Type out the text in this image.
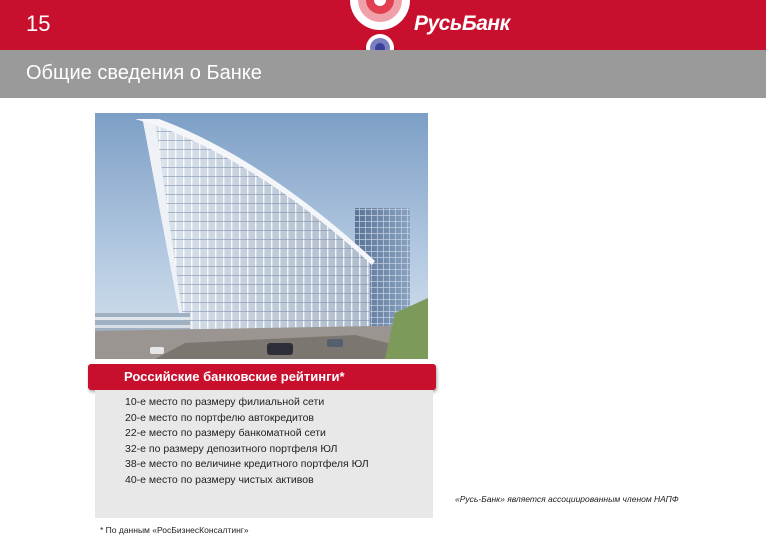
15	РусьБанк
Общие сведения о Банке
Российские банковские рейтинги*
10-е место по размеру филиальной сети
20-е место по портфелю автокредитов
22-е место по размеру банкоматной сети
32-е по размеру депозитного портфеля ЮЛ
38-е место по величине кредитного портфеля ЮЛ
40-е место по размеру чистых активов
«Русь-Банк» является ассоциированным членом НАПФ
* По данным «РосБизнесКонсалтинг»
